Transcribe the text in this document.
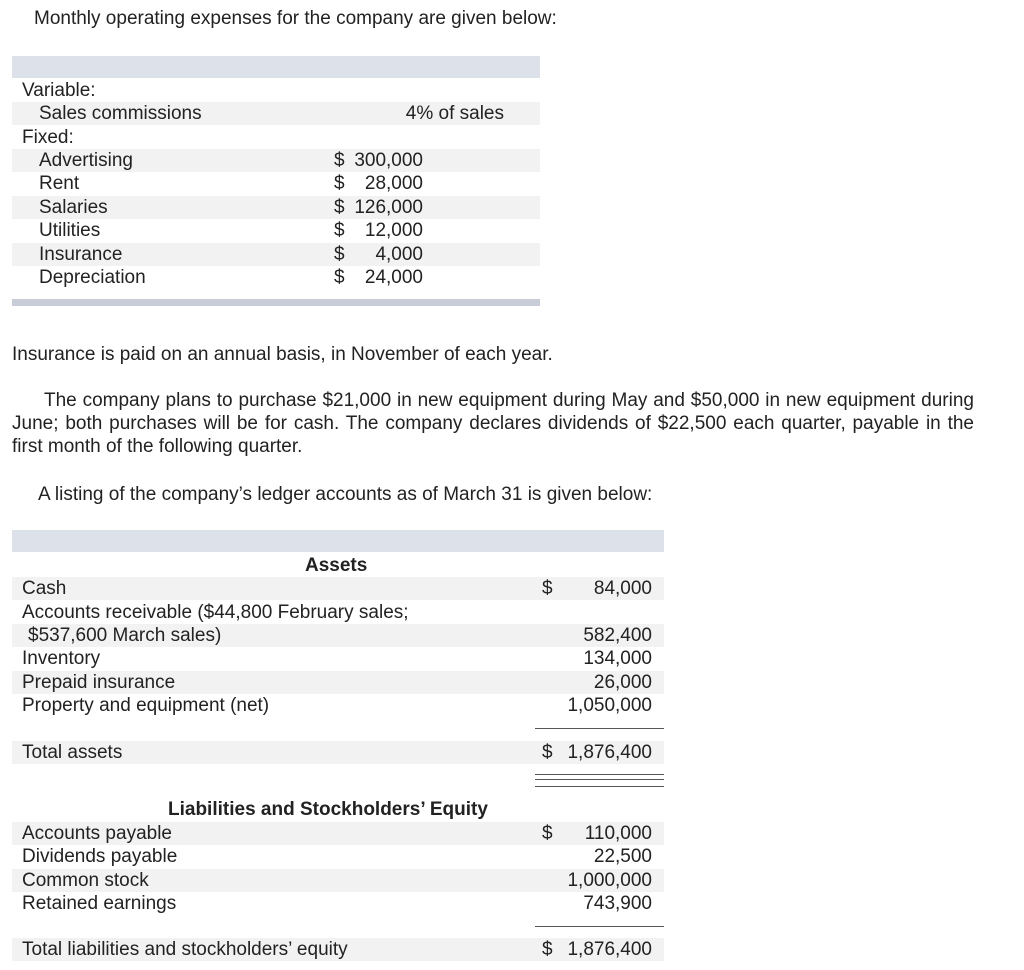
Monthly operating expenses for the company are given below:
Variable:
Sales commissions	4% of sales
Fixed:
Advertising	$ 300,000
Rent	$	28,000
Salaries	$ 126,000
Utilities	$	12,000
Insurance	$	4,000
Depreciation	$	24,000
Insurance is paid on an annual basis, in November of each year.
The company plans to purchase $21,000 in new equipment during May and $50,000 in new equipment during June; both purchases will be for cash. The company declares dividends of $22,500 each quarter, payable in the first month of the following quarter.
A listing of the company’s ledger accounts as of March 31 is given below:
Assets
Cash	$ 84,000
Accounts receivable ($44,800 February sales;
$537,600 March sales)	582,400
Inventory	134,000
Prepaid insurance	26,000
Property and equipment (net)	1,050,000
Total assets	$ 1,876,400
Liabilities and Stockholders’ Equity
Accounts payable	$ 110,000
Dividends payable	22,500
Common stock	1,000,000
Retained earnings	743,900
Total liabilities and stockholders’ equity	$ 1,876,400
